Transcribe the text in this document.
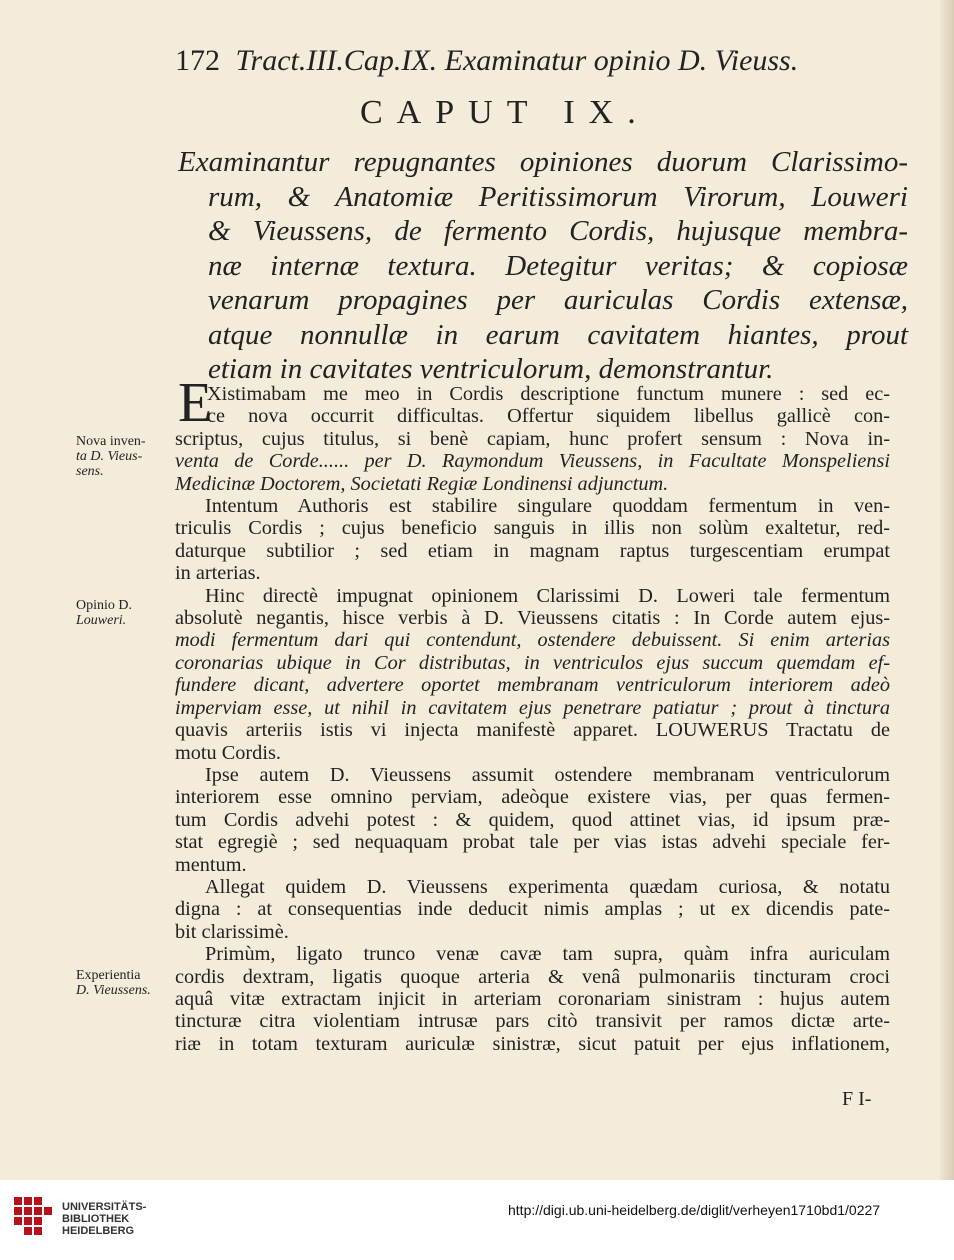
172 Tract.III.Cap.IX. Examinatur opinio D. Vieuss.
CAPUT IX.
Examinantur repugnantes opiniones duorum Clarissimo-
rum, & Anatomiæ Peritissimorum Virorum, Louweri
& Vieussens, de fermento Cordis, hujusque membra-
næ internæ textura. Detegitur veritas; & copiosæ
venarum propagines per auriculas Cordis extensæ,
atque nonnullæ in earum cavitatem hiantes, prout
etiam in cavitates ventriculorum, demonstrantur.
E
Xistimabam me meo in Cordis descriptione functum munere : sed ec-
ce nova occurrit difficultas. Offertur siquidem libellus gallicè con-
scriptus, cujus titulus, si benè capiam, hunc profert sensum : Nova in-
venta de Corde...... per D. Raymondum Vieussens, in Facultate Monspeliensi
Medicinæ Doctorem, Societati Regiæ Londinensi adjunctum.
Intentum Authoris est stabilire singulare quoddam fermentum in ven-
triculis Cordis ; cujus beneficio sanguis in illis non solùm exaltetur, red-
daturque subtilior ; sed etiam in magnam raptus turgescentiam erumpat
in arterias.
Hinc directè impugnat opinionem Clarissimi D. Loweri tale fermentum
absolutè negantis, hisce verbis à D. Vieussens citatis : In Corde autem ejus-
modi fermentum dari qui contendunt, ostendere debuissent. Si enim arterias
coronarias ubique in Cor distributas, in ventriculos ejus succum quemdam ef-
fundere dicant, advertere oportet membranam ventriculorum interiorem adeò
imperviam esse, ut nihil in cavitatem ejus penetrare patiatur ; prout à tinctura
quavis arteriis istis vi injecta manifestè apparet. LOUWERUS Tractatu de
motu Cordis.
Ipse autem D. Vieussens assumit ostendere membranam ventriculorum
interiorem esse omnino perviam, adeòque existere vias, per quas fermen-
tum Cordis advehi potest : & quidem, quod attinet vias, id ipsum præ-
stat egregiè ; sed nequaquam probat tale per vias istas advehi speciale fer-
mentum.
Allegat quidem D. Vieussens experimenta quædam curiosa, & notatu
digna : at consequentias inde deducit nimis amplas ; ut ex dicendis pate-
bit clarissimè.
Primùm, ligato trunco venæ cavæ tam supra, quàm infra auriculam
cordis dextram, ligatis quoque arteria & venâ pulmonariis tincturam croci
aquâ vitæ extractam injicit in arteriam coronariam sinistram : hujus autem
tincturæ citra violentiam intrusæ pars citò transivit per ramos dictæ arte-
riæ in totam texturam auriculæ sinistræ, sicut patuit per ejus inflationem,
Nova inven-
ta D. Vieus-
sens.
Opinio D.
Louweri.
Experientia
D. Vieussens.
F I-
UNIVERSITÄTS-
BIBLIOTHEK
HEIDELBERG
http://digi.ub.uni-heidelberg.de/diglit/verheyen1710bd1/0227
